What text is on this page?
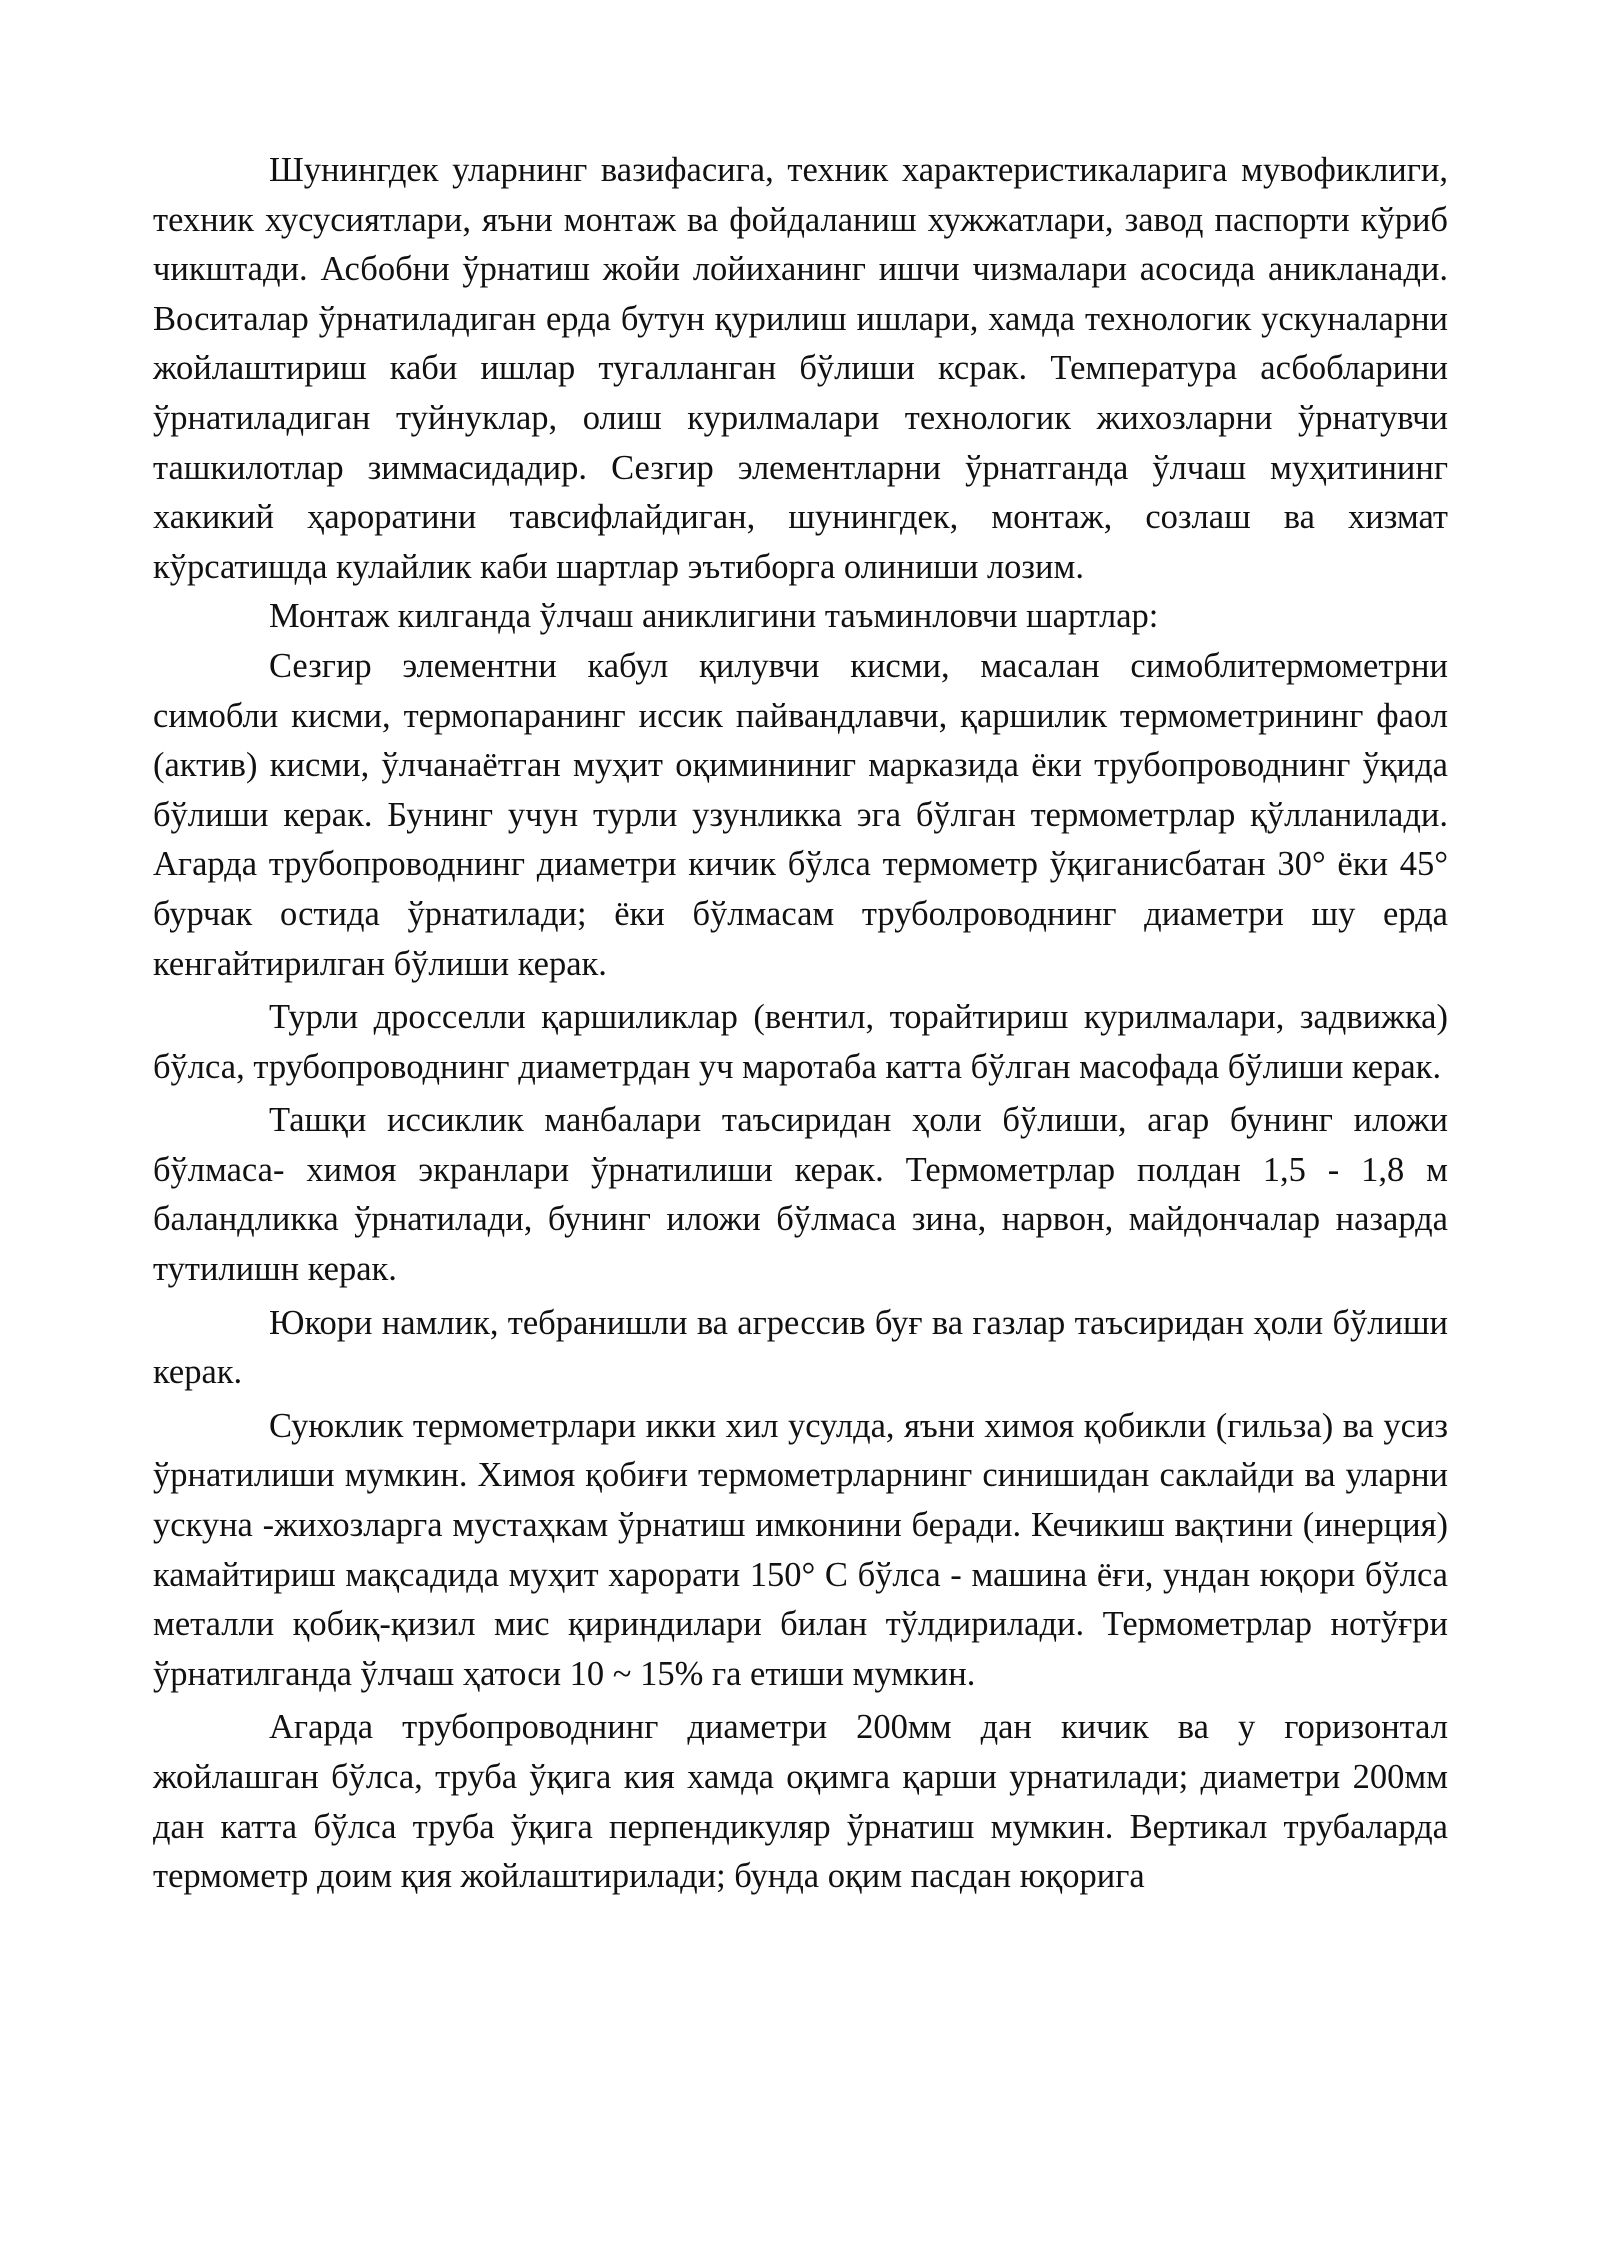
Шунингдек уларнинг вазифасига, техник характеристикаларига мувофиклиги, техник хусусиятлари, яъни монтаж ва фойдаланиш хужжатлари, завод паспорти кўриб чикштади. Асбобни ўрнатиш жойи лойиханинг ишчи чизмалари асосида аникланади. Воситалар ўрнатиладиган ерда бутун қурилиш ишлари, хамда технологик ускуналарни жойлаштириш каби ишлар тугалланган бўлиши ксрак. Температура асбобларини ўрнатиладиган туйнуклар, олиш курилмалари технологик жихозларни ўрнатувчи ташкилотлар зиммасидадир. Сезгир элементларни ўрнатганда ўлчаш муҳитининг хакикий ҳароратини тавсифлайдиган, шунингдек, монтаж, созлаш ва хизмат кўрсатишда кулайлик каби шартлар эътиборга олиниши лозим.

Монтаж килганда ўлчаш аниклигини таъминловчи шартлар:

Сезгир элементни кабул қилувчи кисми, масалан симоблитермометрни симобли кисми, термопаранинг иссик пайвандлавчи, қаршилик термометрининг фаол (актив) кисми, ўлчанаётган муҳит оқимининиг марказида ёки трубопроводнинг ўқида бўлиши керак. Бунинг учун турли узунликка эга бўлган термометрлар қўлланилади. Агарда трубопроводнинг диаметри кичик бўлса термометр ўқиганисбатан 30° ёки 45° бурчак остида ўрнатилади; ёки бўлмасам труболроводнинг диаметри шу ерда кенгайтирилган бўлиши керак.

Турли дросселли қаршиликлар (вентил, торайтириш курилмалари, задвижка) бўлса, трубопроводнинг диаметрдан уч маротаба катта бўлган масофада бўлиши керак.

Ташқи иссиклик манбалари таъсиридан ҳоли бўлиши, агар бунинг иложи бўлмаса- химоя экранлари ўрнатилиши керак. Термометрлар полдан 1,5 - 1,8 м баландликка ўрнатилади, бунинг иложи бўлмаса зина, нарвон, майдончалар назарда тутилишн керак.

Юкори намлик, тебранишли ва агрессив буғ ва газлар таъсиридан ҳоли бўлиши керак.

Суюклик термометрлари икки хил усулда, яъни химоя қобикли (гильза) ва усиз ўрнатилиши мумкин. Химоя қобиғи термометрларнинг синишидан саклайди ва уларни ускуна -жихозларга мустаҳкам ўрнатиш имконини беради. Кечикиш вақтини (инерция) камайтириш мақсадида муҳит харорати 150° С бўлса - машина ёғи, ундан юқори бўлса металли қобиқ-қизил мис қириндилари билан тўлдирилади. Термометрлар нотўғри ўрнатилганда ўлчаш ҳатоси 10 ~ 15% га етиши мумкин.

Агарда трубопроводнинг диаметри 200мм дан кичик ва у горизонтал жойлашган бўлса, труба ўқига кия хамда оқимга қарши урнатилади; диаметри 200мм дан катта бўлса труба ўқига перпендикуляр ўрнатиш мумкин. Вертикал трубаларда термометр доим қия жойлаштирилади; бунда оқим пасдан юқорига
